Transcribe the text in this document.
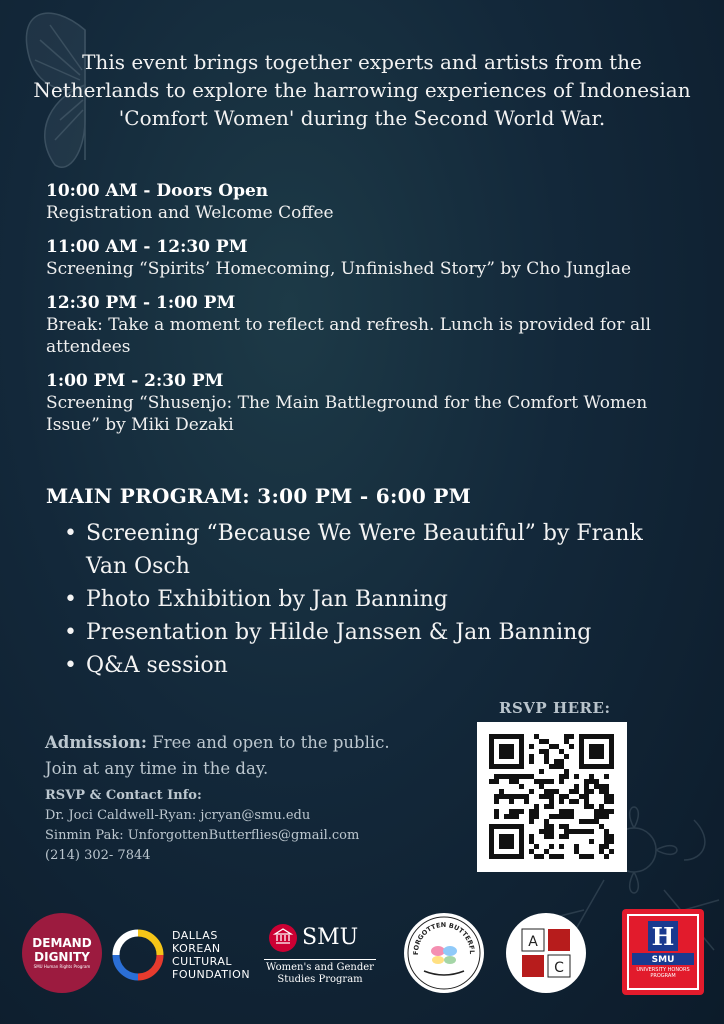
This event brings together experts and artists from the Netherlands to explore the harrowing experiences of Indonesian 'Comfort Women' during the Second World War.
10:00 AM - Doors Open
Registration and Welcome Coffee
11:00 AM - 12:30 PM
Screening “Spirits’ Homecoming, Unfinished Story” by Cho Junglae
12:30 PM - 1:00 PM
Break: Take a moment to reflect and refresh. Lunch is provided for all attendees
1:00 PM - 2:30 PM
Screening “Shusenjo: The Main Battleground for the Comfort Women Issue” by Miki Dezaki
MAIN PROGRAM: 3:00 PM - 6:00 PM
• Screening “Because We Were Beautiful” by Frank Van Osch
• Photo Exhibition by Jan Banning
• Presentation by Hilde Janssen & Jan Banning
• Q&A session
Admission: Free and open to the public.
Join at any time in the day.
RSVP & Contact Info:
Dr. Joci Caldwell-Ryan: jcryan@smu.edu
Sinmin Pak: UnforgottenButterflies@gmail.com
(214) 302- 7844
RSVP HERE:
DEMAND
DIGNITY
SMU Human Rights Program
DALLAS
KOREAN
CULTURAL
FOUNDATION
SMU
Women's and Gender
Studies Program
FORGOTTEN BUTTERFL
A
C
H
SMU
UNIVERSITY HONORS PROGRAM
